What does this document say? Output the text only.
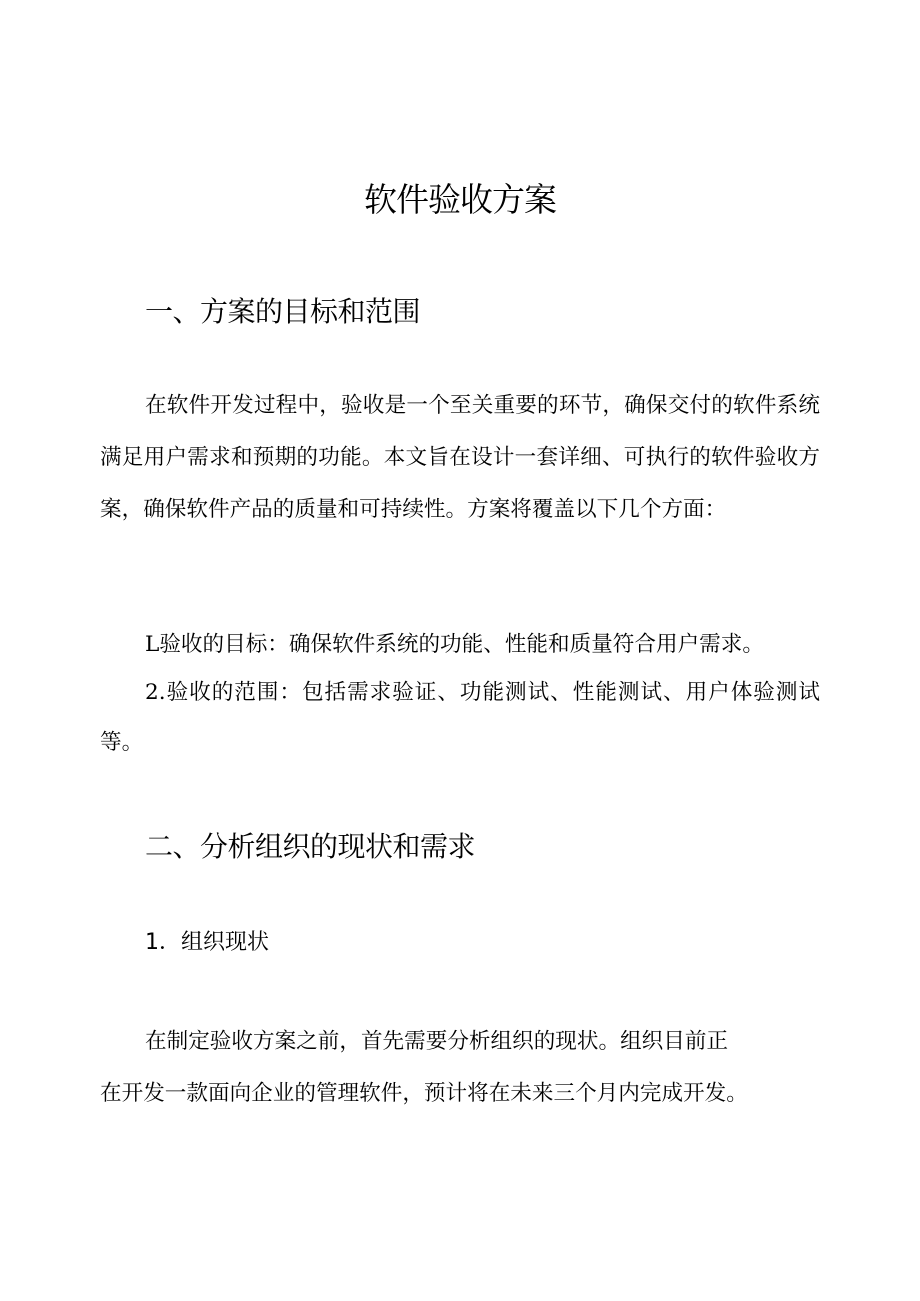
软件验收方案
一、方案的目标和范围

在软件开发过程中，验收是一个至关重要的环节，确保交付的软件系统满足用户需求和预期的功能。本文旨在设计一套详细、可执行的软件验收方案，确保软件产品的质量和可持续性。方案将覆盖以下几个方面：

L验收的目标：确保软件系统的功能、性能和质量符合用户需求。

2.验收的范围：包括需求验证、功能测试、性能测试、用户体验测试等。

二、分析组织的现状和需求
1．组织现状

在制定验收方案之前，首先需要分析组织的现状。组织目前正

在开发一款面向企业的管理软件，预计将在未来三个月内完成开发。
